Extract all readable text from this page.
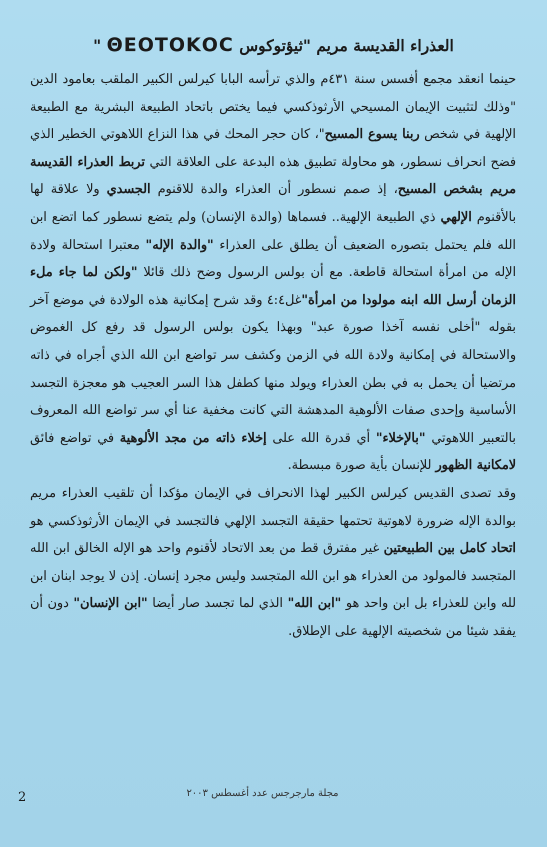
العذراء القديسة مريم "ثيؤتوكوس ΘΕΟΤΟΚΟC "

حينما انعقد مجمع أفسس سنة ٤٣١م والذي ترأسه البابا كيرلس الكبير الملقب بعامود الدين "وذلك لتثبيت الإيمان المسيحي الأرثوذكسي فيما يختص باتحاد الطبيعة البشرية مع الطبيعة الإلهية في شخص ربنا يسوع المسيح"، كان حجر المحك في هذا النزاع اللاهوتي الخطير الذي فضح انحراف نسطور، هو محاولة تطبيق هذه البدعة على العلاقة التي تربط العذراء القديسة مريم بشخص المسيح، إذ صمم نسطور أن العذراء والدة للاقنوم الجسدي ولا علاقة لها بالأقنوم الإلهي ذي الطبيعة الإلهية.. فسماها (والدة الإنسان) ولم يتضع نسطور كما اتضع ابن الله فلم يحتمل بتصوره الضعيف أن يطلق على العذراء "والدة الإله" معتبرا استحالة ولادة الإله من امرأة استحالة قاطعة. مع أن بولس الرسول وضح ذلك قائلا "ولكن لما جاء ملء الزمان أرسل الله ابنه مولودا من امرأة"غل٤:٤ وقد شرح إمكانية هذه الولادة في موضع آخر بقوله "أخلى نفسه آخذا صورة عبد" وبهذا يكون بولس الرسول قد رفع كل الغموض والاستحالة في إمكانية ولادة الله في الزمن وكشف سر تواضع ابن الله الذي أجراه في ذاته مرتضيا أن يحمل به في بطن العذراء ويولد منها كطفل هذا السر العجيب هو معجزة التجسد الأساسية وإحدى صفات الألوهية المدهشة التي كانت مخفية عنا أي سر تواضع الله المعروف بالتعبير اللاهوتي "بالإخلاء" أي قدرة الله على إخلاء ذاته من مجد الألوهية في تواضع فائق لامكانية الظهور للإنسان بأية صورة مبسطة.

وقد تصدى القديس كيرلس الكبير لهذا الانحراف في الإيمان مؤكدا أن تلقيب العذراء مريم بوالدة الإله ضرورة لاهوتية تحتمها حقيقة التجسد الإلهي فالتجسد في الإيمان الأرثوذكسي هو اتحاد كامل بين الطبيعتين غير مفترق قط من بعد الاتحاد لأقنوم واحد هو الإله الخالق ابن الله المتجسد فالمولود من العذراء هو ابن الله المتجسد وليس مجرد إنسان. إذن لا يوجد ابنان ابن لله وابن للعذراء بل ابن واحد هو "ابن الله" الذي لما تجسد صار أيضا "ابن الإنسان" دون أن يفقد شيئا من شخصيته الإلهية على الإطلاق.

2	مجلة مارجرجس عدد أغسطس ٢٠٠٣
